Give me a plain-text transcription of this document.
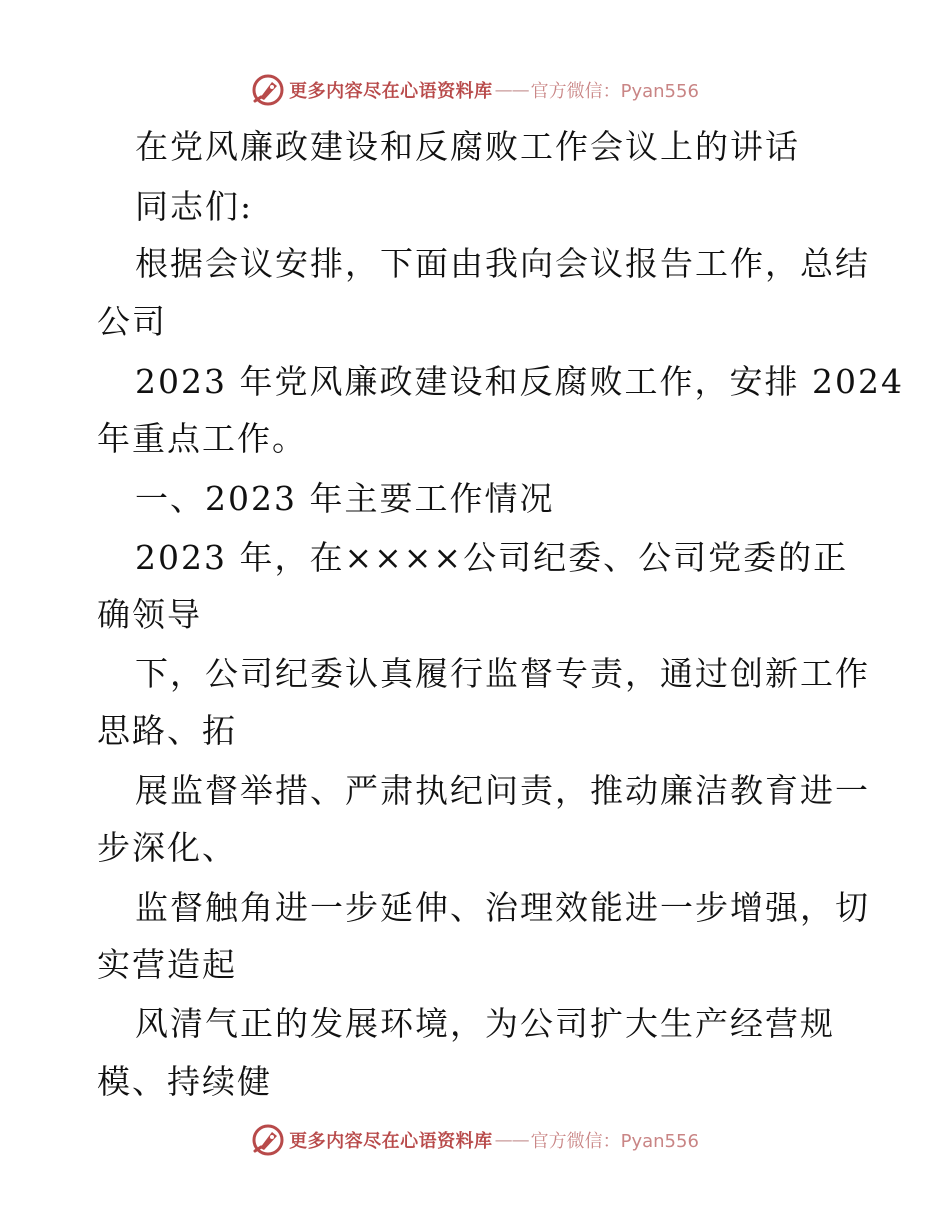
更多内容尽在心语资料库 —— 官方微信：Pyan556
在党风廉政建设和反腐败工作会议上的讲话
同志们:
根据会议安排，下面由我向会议报告工作，总结
公司
2023 年党风廉政建设和反腐败工作，安排 2024
年重点工作。
一、2023 年主要工作情况
2023 年，在××××公司纪委、公司党委的正
确领导
下，公司纪委认真履行监督专责，通过创新工作
思路、拓
展监督举措、严肃执纪问责，推动廉洁教育进一
步深化、
监督触角进一步延伸、治理效能进一步增强，切
实营造起
风清气正的发展环境，为公司扩大生产经营规
模、持续健
更多内容尽在心语资料库 —— 官方微信：Pyan556
